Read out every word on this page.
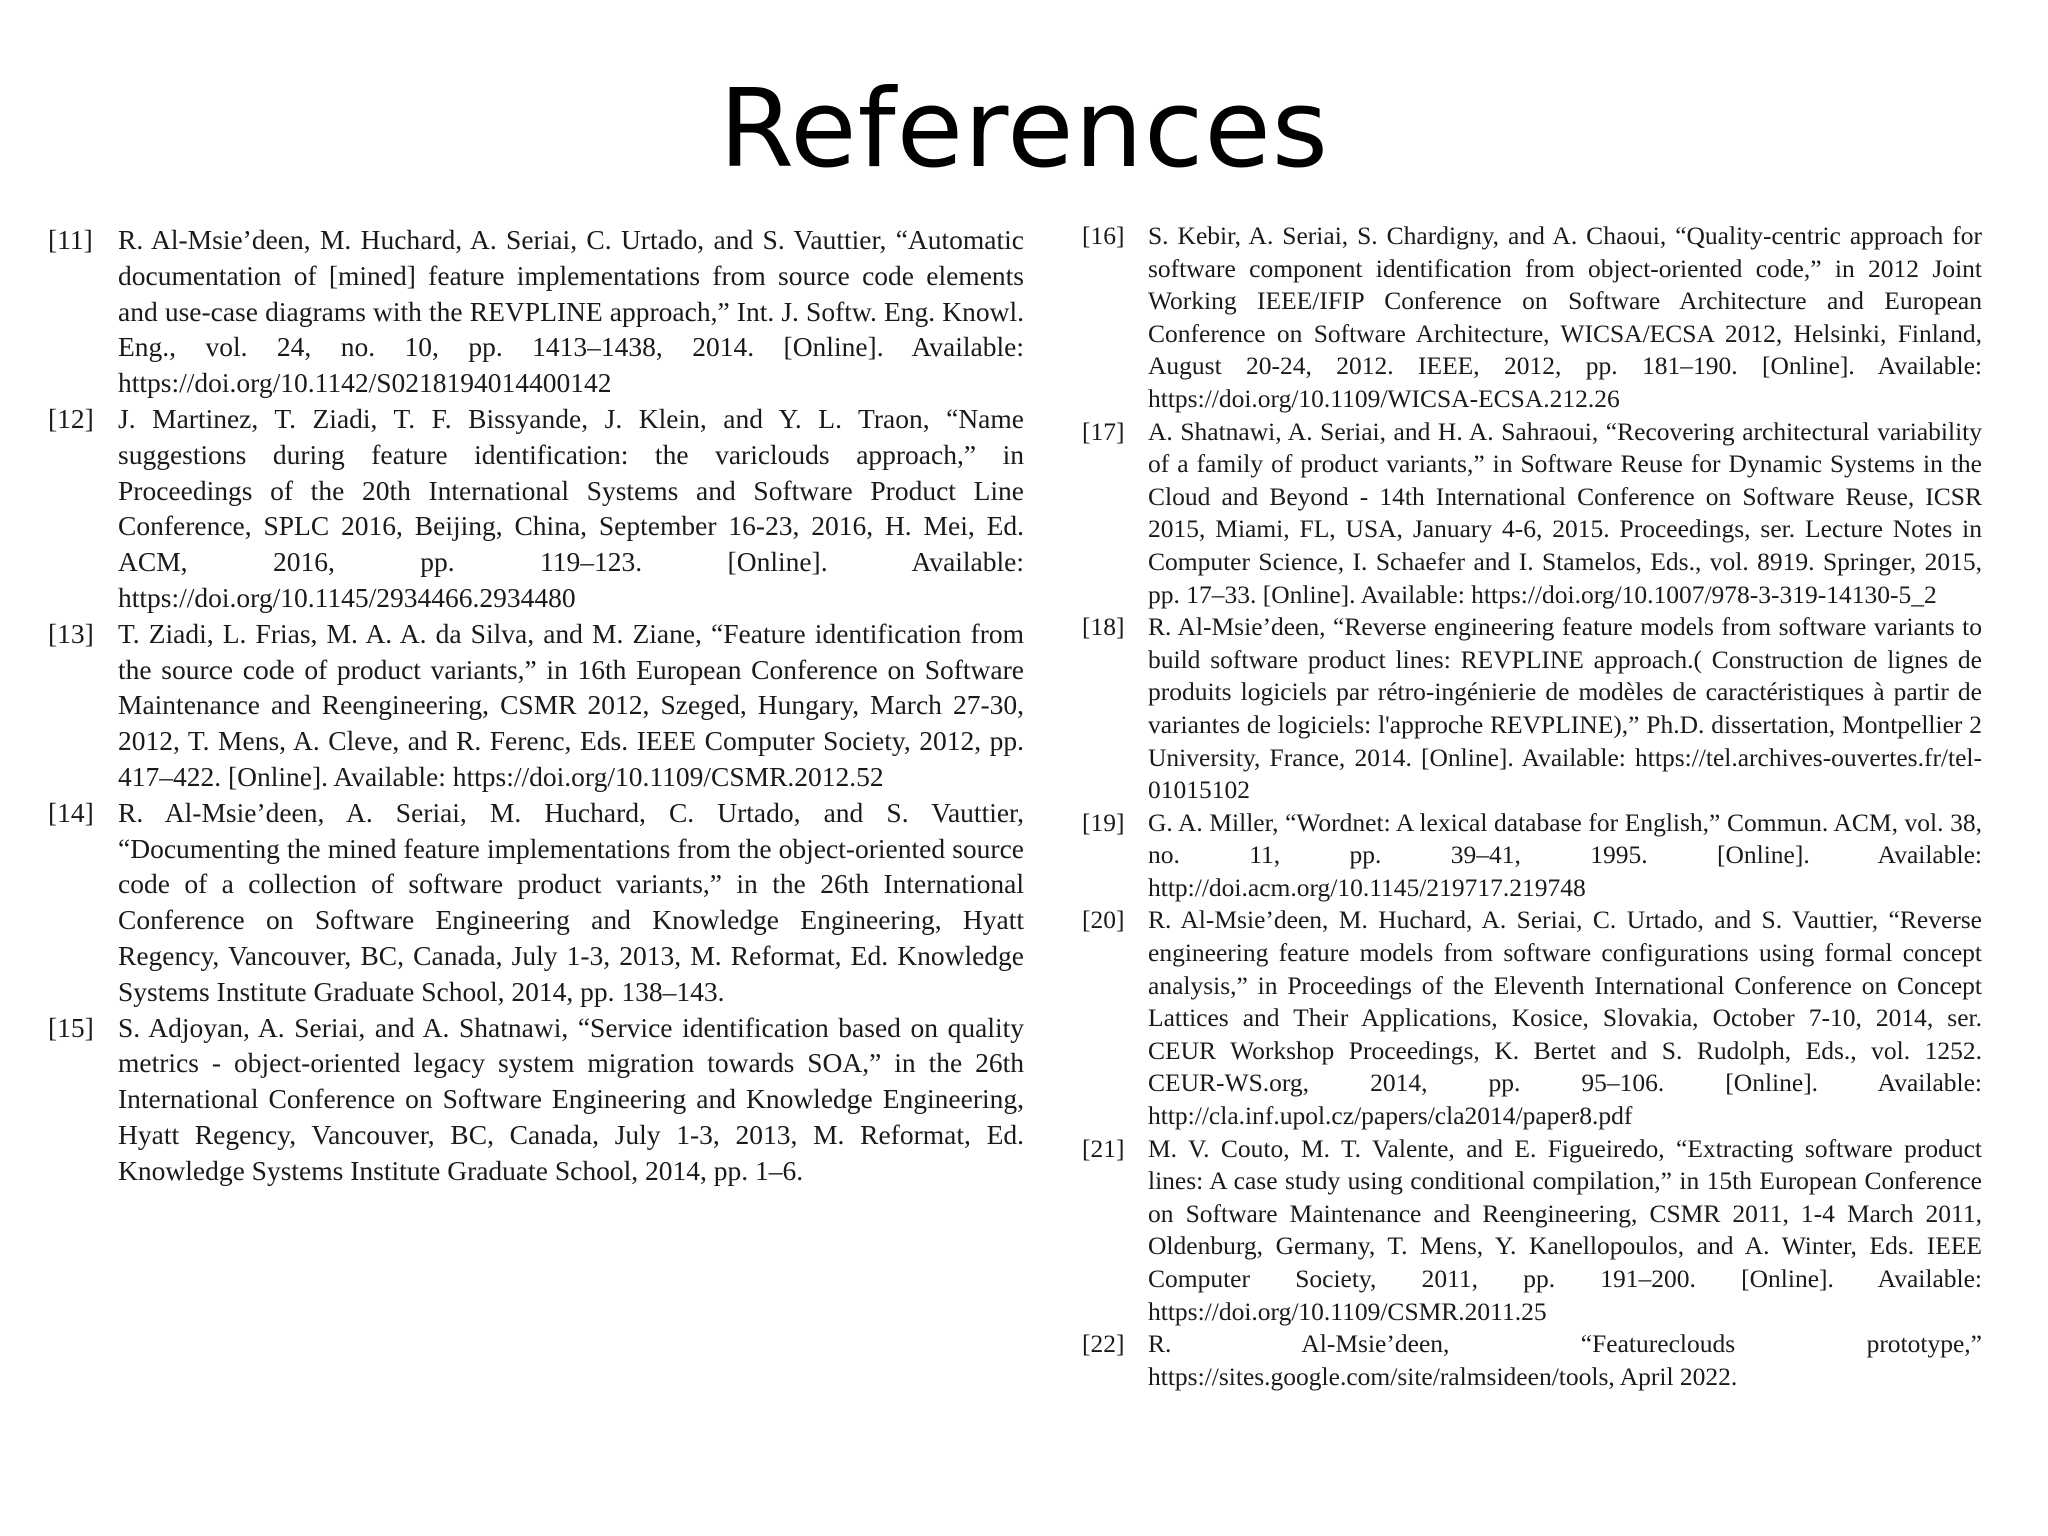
References
[11] R. Al-Msie’deen, M. Huchard, A. Seriai, C. Urtado, and S. Vauttier, “Automatic documentation of [mined] feature implementations from source code elements and use-case diagrams with the REVPLINE approach,” Int. J. Softw. Eng. Knowl. Eng., vol. 24, no. 10, pp. 1413–1438, 2014. [Online]. Available: https://doi.org/10.1142/S0218194014400142
[12] J. Martinez, T. Ziadi, T. F. Bissyande, J. Klein, and Y. L. Traon, “Name suggestions during feature identification: the variclouds approach,” in Proceedings of the 20th International Systems and Software Product Line Conference, SPLC 2016, Beijing, China, September 16-23, 2016, H. Mei, Ed. ACM, 2016, pp. 119–123. [Online]. Available: https://doi.org/10.1145/2934466.2934480
[13] T. Ziadi, L. Frias, M. A. A. da Silva, and M. Ziane, “Feature identification from the source code of product variants,” in 16th European Conference on Software Maintenance and Reengineering, CSMR 2012, Szeged, Hungary, March 27-30, 2012, T. Mens, A. Cleve, and R. Ferenc, Eds. IEEE Computer Society, 2012, pp. 417–422. [Online]. Available: https://doi.org/10.1109/CSMR.2012.52
[14] R. Al-Msie’deen, A. Seriai, M. Huchard, C. Urtado, and S. Vauttier, “Documenting the mined feature implementations from the object-oriented source code of a collection of software product variants,” in the 26th International Conference on Software Engineering and Knowledge Engineering, Hyatt Regency, Vancouver, BC, Canada, July 1-3, 2013, M. Reformat, Ed. Knowledge Systems Institute Graduate School, 2014, pp. 138–143.
[15] S. Adjoyan, A. Seriai, and A. Shatnawi, “Service identification based on quality metrics - object-oriented legacy system migration towards SOA,” in the 26th International Conference on Software Engineering and Knowledge Engineering, Hyatt Regency, Vancouver, BC, Canada, July 1-3, 2013, M. Reformat, Ed. Knowledge Systems Institute Graduate School, 2014, pp. 1–6.
[16] S. Kebir, A. Seriai, S. Chardigny, and A. Chaoui, “Quality-centric approach for software component identification from object-oriented code,” in 2012 Joint Working IEEE/IFIP Conference on Software Architecture and European Conference on Software Architecture, WICSA/ECSA 2012, Helsinki, Finland, August 20-24, 2012. IEEE, 2012, pp. 181–190. [Online]. Available: https://doi.org/10.1109/WICSA-ECSA.212.26
[17] A. Shatnawi, A. Seriai, and H. A. Sahraoui, “Recovering architectural variability of a family of product variants,” in Software Reuse for Dynamic Systems in the Cloud and Beyond - 14th International Conference on Software Reuse, ICSR 2015, Miami, FL, USA, January 4-6, 2015. Proceedings, ser. Lecture Notes in Computer Science, I. Schaefer and I. Stamelos, Eds., vol. 8919. Springer, 2015, pp. 17–33. [Online]. Available: https://doi.org/10.1007/978-3-319-14130-5_2
[18] R. Al-Msie’deen, “Reverse engineering feature models from software variants to build software product lines: REVPLINE approach.( Construction de lignes de produits logiciels par rétro-ingénierie de modèles de caractéristiques à partir de variantes de logiciels: l'approche REVPLINE),” Ph.D. dissertation, Montpellier 2 University, France, 2014. [Online]. Available: https://tel.archives-ouvertes.fr/tel-01015102
[19] G. A. Miller, “Wordnet: A lexical database for English,” Commun. ACM, vol. 38, no. 11, pp. 39–41, 1995. [Online]. Available: http://doi.acm.org/10.1145/219717.219748
[20] R. Al-Msie’deen, M. Huchard, A. Seriai, C. Urtado, and S. Vauttier, “Reverse engineering feature models from software configurations using formal concept analysis,” in Proceedings of the Eleventh International Conference on Concept Lattices and Their Applications, Kosice, Slovakia, October 7-10, 2014, ser. CEUR Workshop Proceedings, K. Bertet and S. Rudolph, Eds., vol. 1252. CEUR-WS.org, 2014, pp. 95–106. [Online]. Available: http://cla.inf.upol.cz/papers/cla2014/paper8.pdf
[21] M. V. Couto, M. T. Valente, and E. Figueiredo, “Extracting software product lines: A case study using conditional compilation,” in 15th European Conference on Software Maintenance and Reengineering, CSMR 2011, 1-4 March 2011, Oldenburg, Germany, T. Mens, Y. Kanellopoulos, and A. Winter, Eds. IEEE Computer Society, 2011, pp. 191–200. [Online]. Available: https://doi.org/10.1109/CSMR.2011.25
[22] R. Al-Msie’deen, “Featureclouds prototype,” https://sites.google.com/site/ralmsideen/tools, April 2022.
